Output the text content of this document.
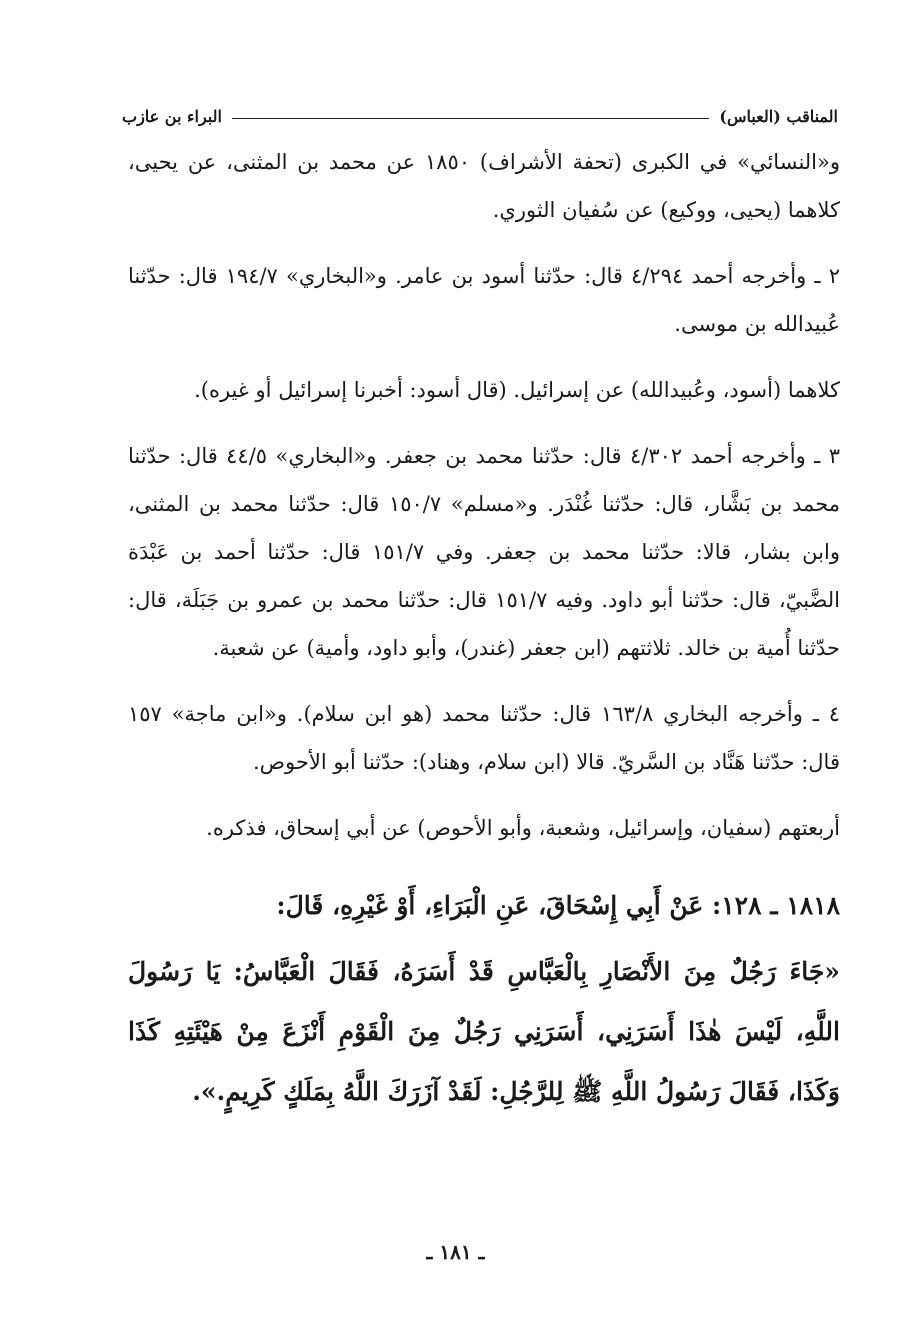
المناقب (العباس)
البراء بن عازب

و«النسائي» في الكبرى (تحفة الأشراف) ١٨٥٠ عن محمد بن المثنى، عن يحيى، كلاهما (يحيى، ووكيع) عن سُفيان الثوري.

٢ ـ وأخرجه أحمد ٤/٢٩٤ قال: حدّثنا أسود بن عامر. و«البخاري» ١٩٤/٧ قال: حدّثنا عُبيدالله بن موسى.

كلاهما (أسود، وعُبيدالله) عن إسرائيل. (قال أسود: أخبرنا إسرائيل أو غيره).

٣ ـ وأخرجه أحمد ٤/٣٠٢ قال: حدّثنا محمد بن جعفر. و«البخاري» ٤٤/٥ قال: حدّثنا محمد بن بَشَّار، قال: حدّثنا غُنْدَر. و«مسلم» ١٥٠/٧ قال: حدّثنا محمد بن المثنى، وابن بشار، قالا: حدّثنا محمد بن جعفر. وفي ١٥١/٧ قال: حدّثنا أحمد بن عَبْدَة الضَّبيّ، قال: حدّثنا أبو داود. وفيه ١٥١/٧ قال: حدّثنا محمد بن عمرو بن جَبَلَة، قال: حدّثنا أُمية بن خالد. ثلاثتهم (ابن جعفر (غندر)، وأبو داود، وأمية) عن شعبة.

٤ ـ وأخرجه البخاري ١٦٣/٨ قال: حدّثنا محمد (هو ابن سلام). و«ابن ماجة» ١٥٧ قال: حدّثنا هَنَّاد بن السَّريّ. قالا (ابن سلام، وهناد): حدّثنا أبو الأحوص.

أربعتهم (سفيان، وإسرائيل، وشعبة، وأبو الأحوص) عن أبي إسحاق، فذكره.

١٨١٨ ـ ١٢٨: عَنْ أَبِي إِسْحَاقَ، عَنِ الْبَرَاءِ، أَوْ غَيْرِهِ، قَالَ:

«جَاءَ رَجُلٌ مِنَ الأَنْصَارِ بِالْعَبَّاسِ قَدْ أَسَرَهُ، فَقَالَ الْعَبَّاسُ: يَا رَسُولَ اللَّهِ، لَيْسَ هٰذَا أَسَرَنِي، أَسَرَنِي رَجُلٌ مِنَ الْقَوْمِ أَنْزَعَ مِنْ هَيْئَتِهِ كَذَا وَكَذَا، فَقَالَ رَسُولُ اللَّهِ ﷺ لِلرَّجُلِ: لَقَدْ آزَرَكَ اللَّهُ بِمَلَكٍ كَرِيمٍ.».

ـ ١٨١ ـ
